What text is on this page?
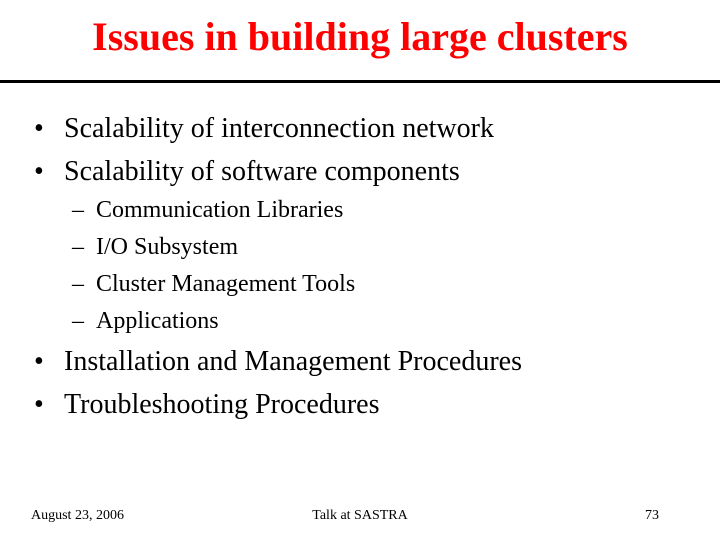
Issues in building large clusters
• Scalability of interconnection network
• Scalability of software components
– Communication Libraries
– I/O Subsystem
– Cluster Management Tools
– Applications
• Installation and Management Procedures
• Troubleshooting Procedures
August 23, 2006	Talk at SASTRA	73
